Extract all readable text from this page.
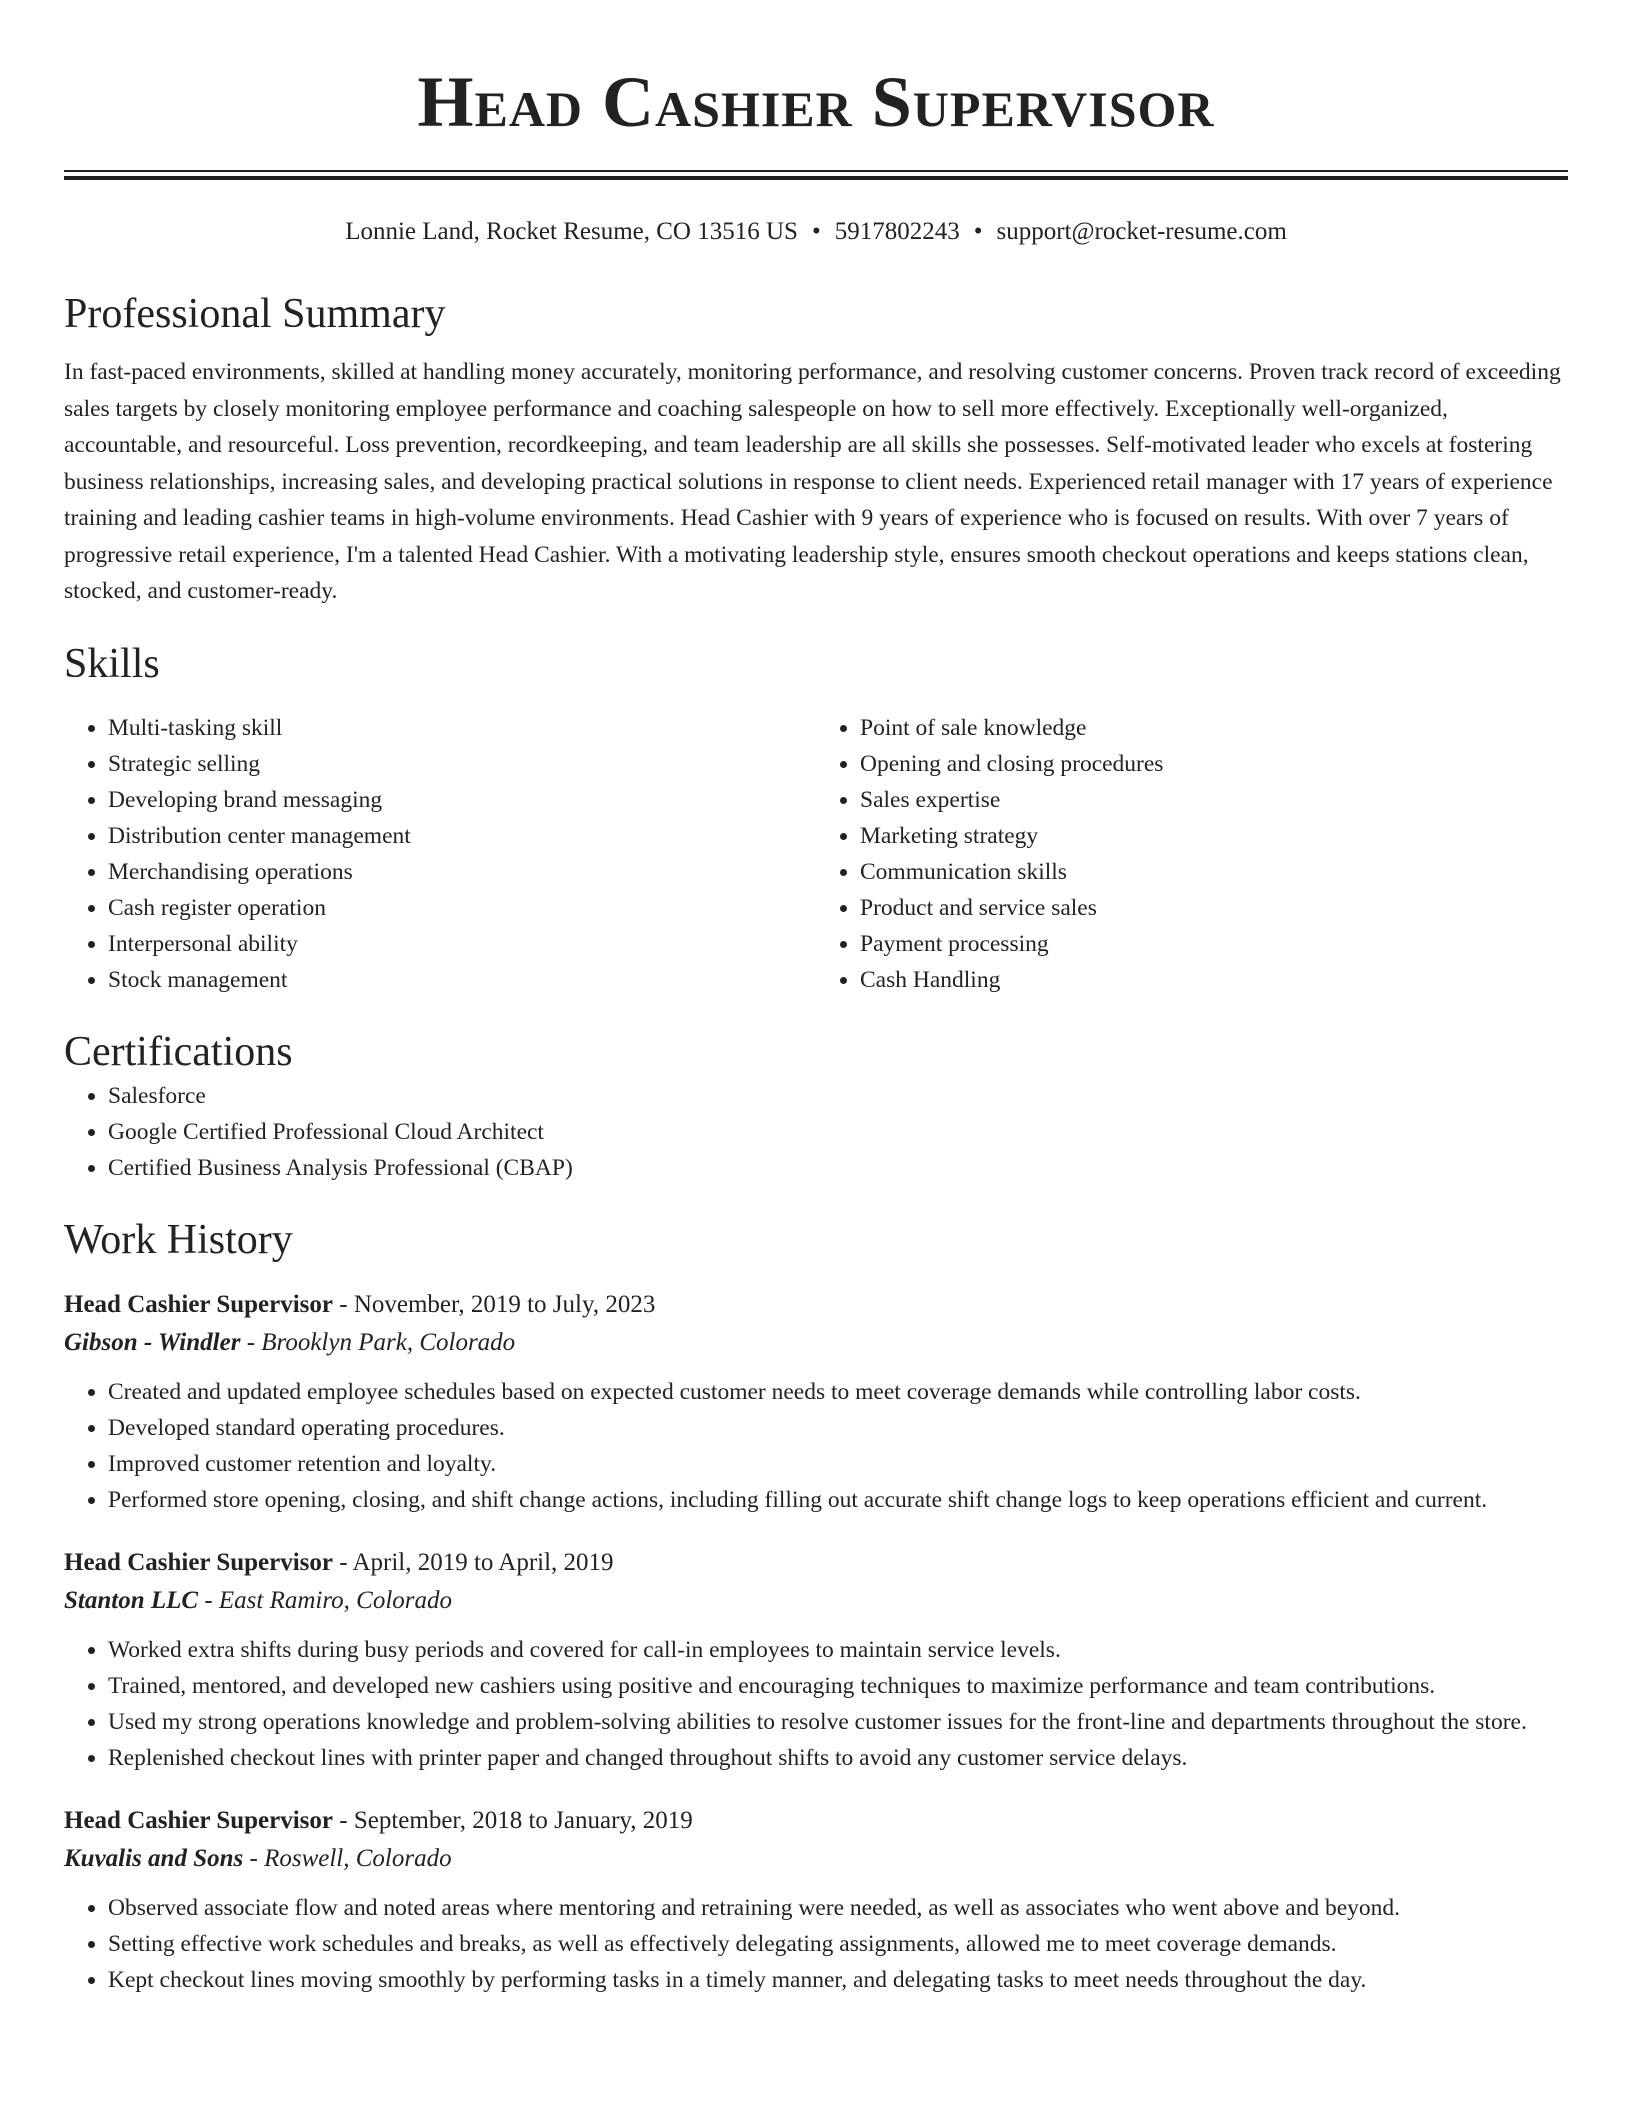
Head Cashier Supervisor
Lonnie Land, Rocket Resume, CO 13516 US • 5917802243 • support@rocket-resume.com
Professional Summary

In fast-paced environments, skilled at handling money accurately, monitoring performance, and resolving customer concerns. Proven track record of exceeding sales targets by closely monitoring employee performance and coaching salespeople on how to sell more effectively. Exceptionally well-organized, accountable, and resourceful. Loss prevention, recordkeeping, and team leadership are all skills she possesses. Self-motivated leader who excels at fostering business relationships, increasing sales, and developing practical solutions in response to client needs. Experienced retail manager with 17 years of experience training and leading cashier teams in high-volume environments. Head Cashier with 9 years of experience who is focused on results. With over 7 years of progressive retail experience, I'm a talented Head Cashier. With a motivating leadership style, ensures smooth checkout operations and keeps stations clean, stocked, and customer-ready.

Skills
• Multi-tasking skill
• Strategic selling
• Developing brand messaging
• Distribution center management
• Merchandising operations
• Cash register operation
• Interpersonal ability
• Stock management
• Point of sale knowledge
• Opening and closing procedures
• Sales expertise
• Marketing strategy
• Communication skills
• Product and service sales
• Payment processing
• Cash Handling
Certifications
• Salesforce
• Google Certified Professional Cloud Architect
• Certified Business Analysis Professional (CBAP)
Work History
Head Cashier Supervisor - November, 2019 to July, 2023
Gibson - Windler - Brooklyn Park, Colorado
• Created and updated employee schedules based on expected customer needs to meet coverage demands while controlling labor costs.
• Developed standard operating procedures.
• Improved customer retention and loyalty.
• Performed store opening, closing, and shift change actions, including filling out accurate shift change logs to keep operations efficient and current.
Head Cashier Supervisor - April, 2019 to April, 2019
Stanton LLC - East Ramiro, Colorado
• Worked extra shifts during busy periods and covered for call-in employees to maintain service levels.
• Trained, mentored, and developed new cashiers using positive and encouraging techniques to maximize performance and team contributions.
• Used my strong operations knowledge and problem-solving abilities to resolve customer issues for the front-line and departments throughout the store.
• Replenished checkout lines with printer paper and changed throughout shifts to avoid any customer service delays.
Head Cashier Supervisor - September, 2018 to January, 2019
Kuvalis and Sons - Roswell, Colorado
• Observed associate flow and noted areas where mentoring and retraining were needed, as well as associates who went above and beyond.
• Setting effective work schedules and breaks, as well as effectively delegating assignments, allowed me to meet coverage demands.
• Kept checkout lines moving smoothly by performing tasks in a timely manner, and delegating tasks to meet needs throughout the day.
